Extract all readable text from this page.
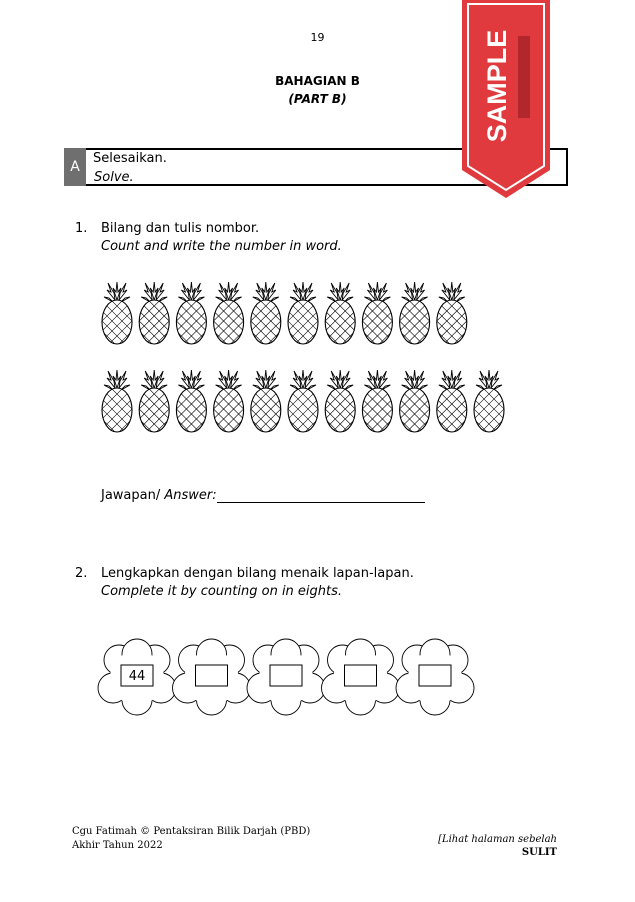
19
BAHAGIAN B
(PART B)
A
Selesaikan.
Solve.
1. Bilang dan tulis nombor.
Count and write the number in word.
Jawapan/ Answer:
2. Lengkapkan dengan bilang menaik lapan-lapan.
Complete it by counting on in eights.
44
Cgu Fatimah © Pentaksiran Bilik Darjah (PBD)
Akhir Tahun 2022
[Lihat halaman sebelah
SULIT
SAMPLE
